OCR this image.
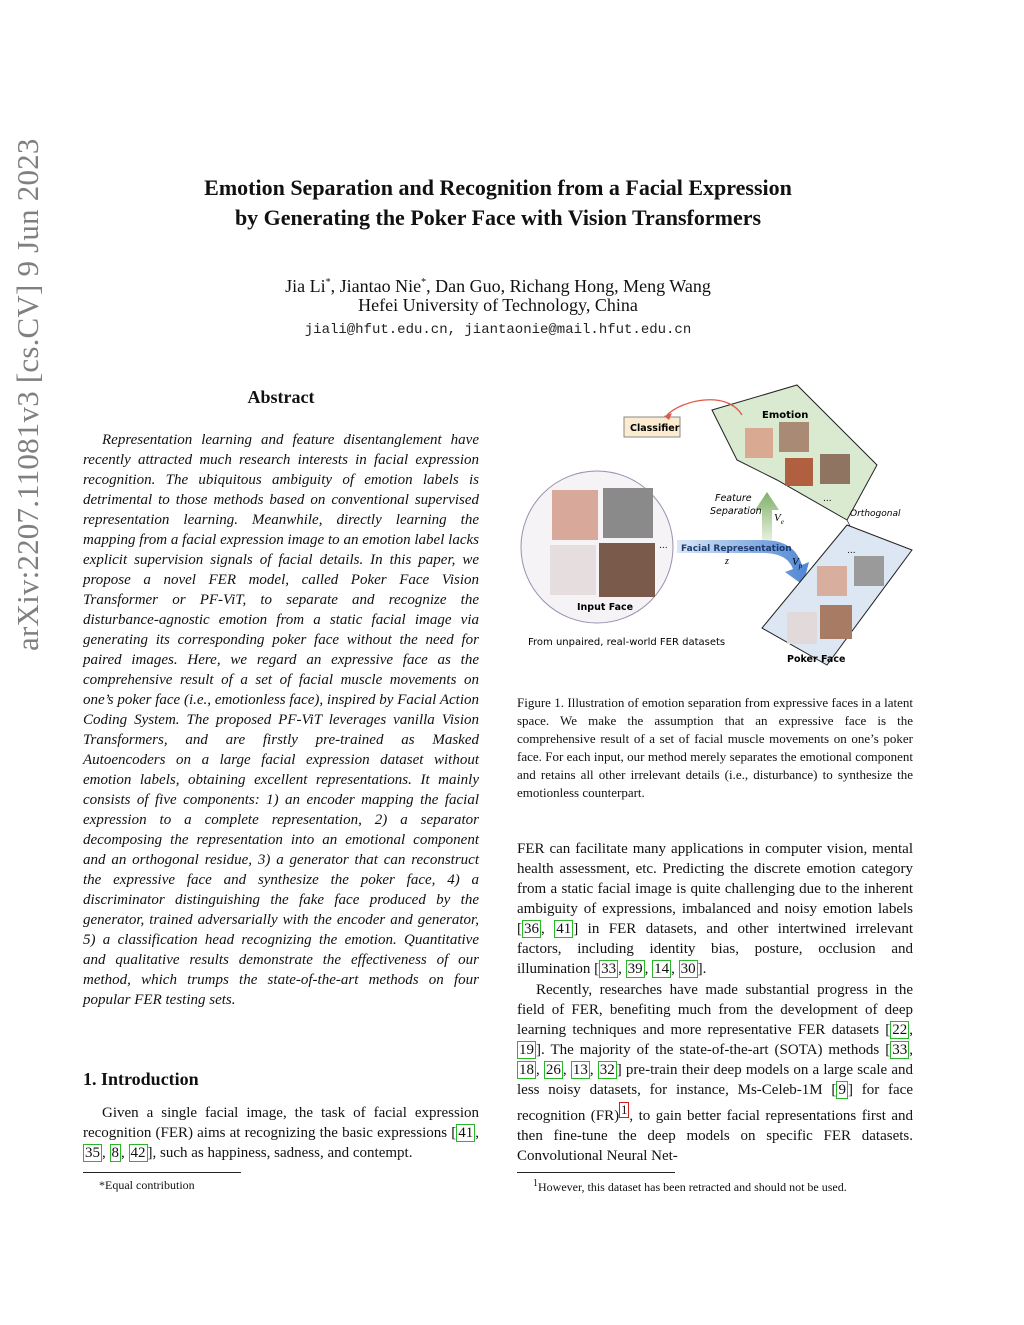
arXiv:2207.11081v3 [cs.CV] 9 Jun 2023	Emotion Separation and Recognition from a Facial Expression
by Generating the Poker Face with Vision Transformers
Jia Li*, Jiantao Nie*, Dan Guo, Richang Hong, Meng Wang
Hefei University of Technology, China
jiali@hfut.edu.cn, jiantaonie@mail.hfut.edu.cn
Abstract
Representation learning and feature disentanglement have recently attracted much research interests in facial expression recognition. The ubiquitous ambiguity of emotion labels is detrimental to those methods based on conventional supervised representation learning. Meanwhile, directly learning the mapping from a facial expression image to an emotion label lacks explicit supervision signals of facial details. In this paper, we propose a novel FER model, called Poker Face Vision Transformer or PF-ViT, to separate and recognize the disturbance-agnostic emotion from a static facial image via generating its corresponding poker face without the need for paired images. Here, we regard an expressive face as the comprehensive result of a set of facial muscle movements on one’s poker face (i.e., emotionless face), inspired by Facial Action Coding System. The proposed PF-ViT leverages vanilla Vision Transformers, and are firstly pre-trained as Masked Autoencoders on a large facial expression dataset without emotion labels, obtaining excellent representations. It mainly consists of five components: 1) an encoder mapping the facial expression to a complete representation, 2) a separator decomposing the representation into an emotional component and an orthogonal residue, 3) a generator that can reconstruct the expressive face and synthesize the poker face, 4) a discriminator distinguishing the fake face produced by the generator, trained adversarially with the encoder and generator, 5) a classification head recognizing the emotion. Quantitative and qualitative results demonstrate the effectiveness of our method, which trumps the state-of-the-art methods on four popular FER testing sets.
1. Introduction
Given a single facial image, the task of facial expression recognition (FER) aims at recognizing the basic expressions [ 41 , 35 , 8 , 42 ], such as happiness, sadness, and contempt.
*Equal contribution
Emotion
...
Classifier
...
Input Face
Feature
Separation
$V_e$
Facial Representation
z	$V_p$
Orthogonal
...
Poker Face
From unpaired, real-world FER datasets
Figure 1. Illustration of emotion separation from expressive faces in a latent space. We make the assumption that an expressive face is the comprehensive result of a set of facial muscle movements on one’s poker face. For each input, our method merely separates the emotional component and retains all other irrelevant details (i.e., disturbance) to synthesize the emotionless counterpart.
FER can facilitate many applications in computer vision, mental health assessment, etc. Predicting the discrete emotion category from a static facial image is quite challenging due to the inherent ambiguity of expressions, imbalanced and noisy emotion labels [ 36 , 41 ] in FER datasets, and other intertwined irrelevant factors, including identity bias, posture, occlusion and illumination [ 33 , 39 , 14 , 30 ].
Recently, researches have made substantial progress in the field of FER, benefiting much from the development of deep learning techniques and more representative FER datasets [ 22 , 19 ]. The majority of the state-of-the-art (SOTA) methods [ 33 , 18 , 26 , 13 , 32 ] pre-train their deep models on a large scale and less noisy datasets, for instance, Ms-Celeb-1M [ 9 ] for face recognition (FR) $^1$ , to gain better facial representations first and then fine-tune the deep models on specific FER datasets. Convolutional Neural Net-
$^1$However, this dataset has been retracted and should not be used.
